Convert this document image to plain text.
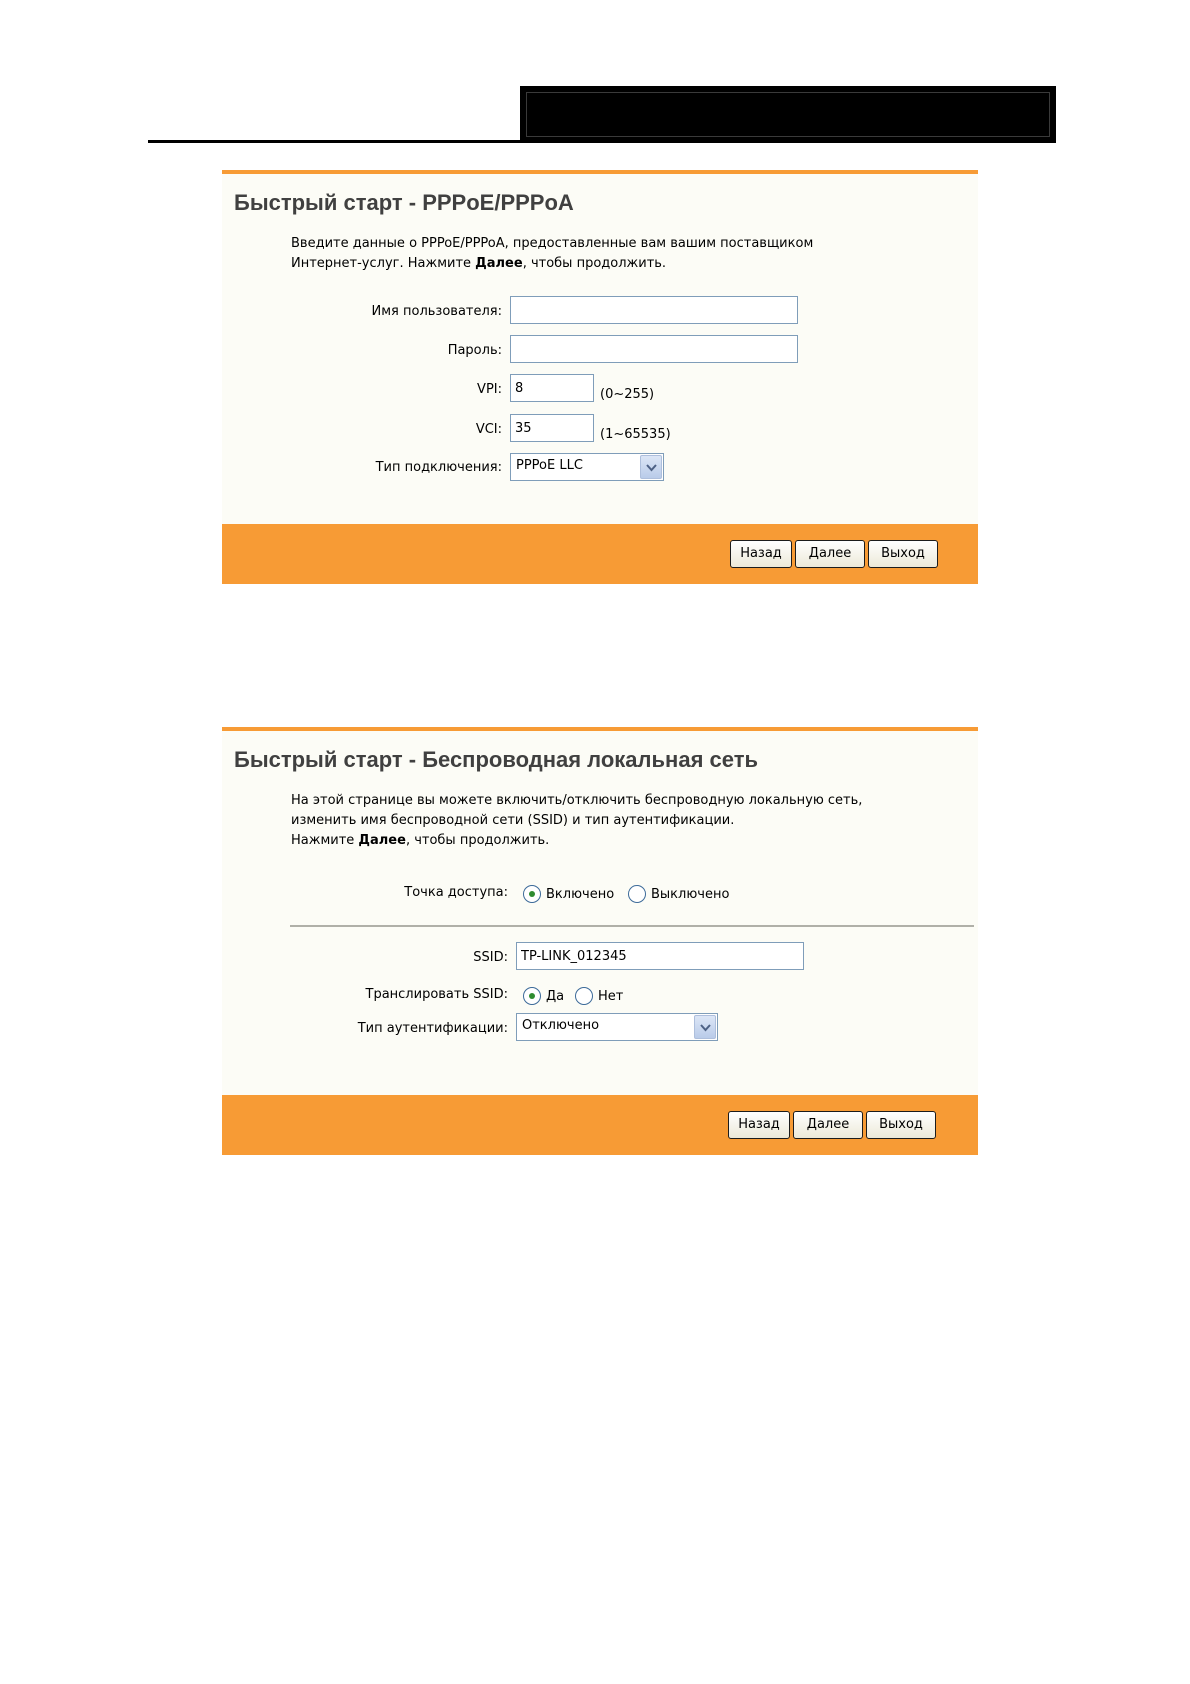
Быстрый старт - PPPoE/PPPoA
Введите данные о PPPoE/PPPoA, предоставленные вам вашим поставщиком
Интернет-услуг. Нажмите Далее, чтобы продолжить.
Имя пользователя:
Пароль:
VPI:
8	(0~255)
VCI:
35	(1~65535)
Тип подключения:	PPPoE LLC
Назад	Далее	Выход
Быстрый старт - Беспроводная локальная сеть
На этой странице вы можете включить/отключить беспроводную локальную сеть,
изменить имя беспроводной сети (SSID) и тип аутентификации.
Нажмите Далее, чтобы продолжить.
Точка доступа:	Включено	Выключено
SSID:
TP-LINK_012345
Транслировать SSID:	Да	Нет
Тип аутентификации:	Отключено
Назад	Далее	Выход
